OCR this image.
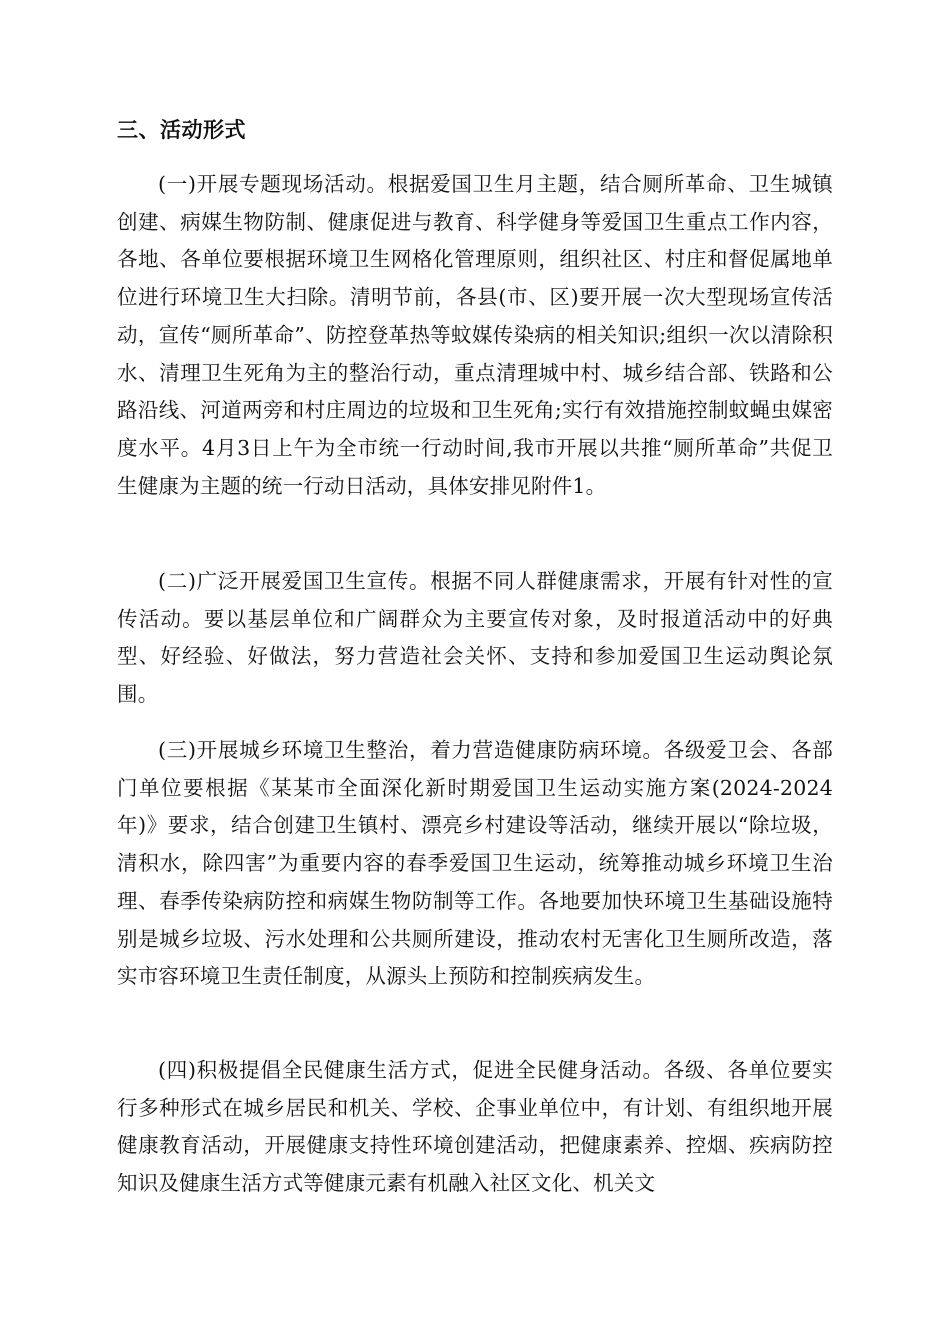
三、活动形式

(一)开展专题现场活动。根据爱国卫生月主题，结合厕所革命、卫生城镇创建、病媒生物防制、健康促进与教育、科学健身等爱国卫生重点工作内容，各地、各单位要根据环境卫生网格化管理原则，组织社区、村庄和督促属地单位进行环境卫生大扫除。清明节前，各县(市、区)要开展一次大型现场宣传活动，宣传“厕所革命”、防控登革热等蚊媒传染病的相关知识;组织一次以清除积水、清理卫生死角为主的整治行动，重点清理城中村、城乡结合部、铁路和公路沿线、河道两旁和村庄周边的垃圾和卫生死角;实行有效措施控制蚊蝇虫媒密度水平。4月3日上午为全市统一行动时间,我市开展以共推“厕所革命”共促卫生健康为主题的统一行动日活动，具体安排见附件1。

(二)广泛开展爱国卫生宣传。根据不同人群健康需求，开展有针对性的宣传活动。要以基层单位和广阔群众为主要宣传对象，及时报道活动中的好典型、好经验、好做法，努力营造社会关怀、支持和参加爱国卫生运动舆论氛围。

(三)开展城乡环境卫生整治，着力营造健康防病环境。各级爱卫会、各部门单位要根据《某某市全面深化新时期爱国卫生运动实施方案(2024-2024年)》要求，结合创建卫生镇村、漂亮乡村建设等活动，继续开展以“除垃圾，清积水，除四害”为重要内容的春季爱国卫生运动，统筹推动城乡环境卫生治理、春季传染病防控和病媒生物防制等工作。各地要加快环境卫生基础设施特别是城乡垃圾、污水处理和公共厕所建设，推动农村无害化卫生厕所改造，落实市容环境卫生责任制度，从源头上预防和控制疾病发生。

(四)积极提倡全民健康生活方式，促进全民健身活动。各级、各单位要实行多种形式在城乡居民和机关、学校、企事业单位中，有计划、有组织地开展健康教育活动，开展健康支持性环境创建活动，把健康素养、控烟、疾病防控知识及健康生活方式等健康元素有机融入社区文化、机关文
